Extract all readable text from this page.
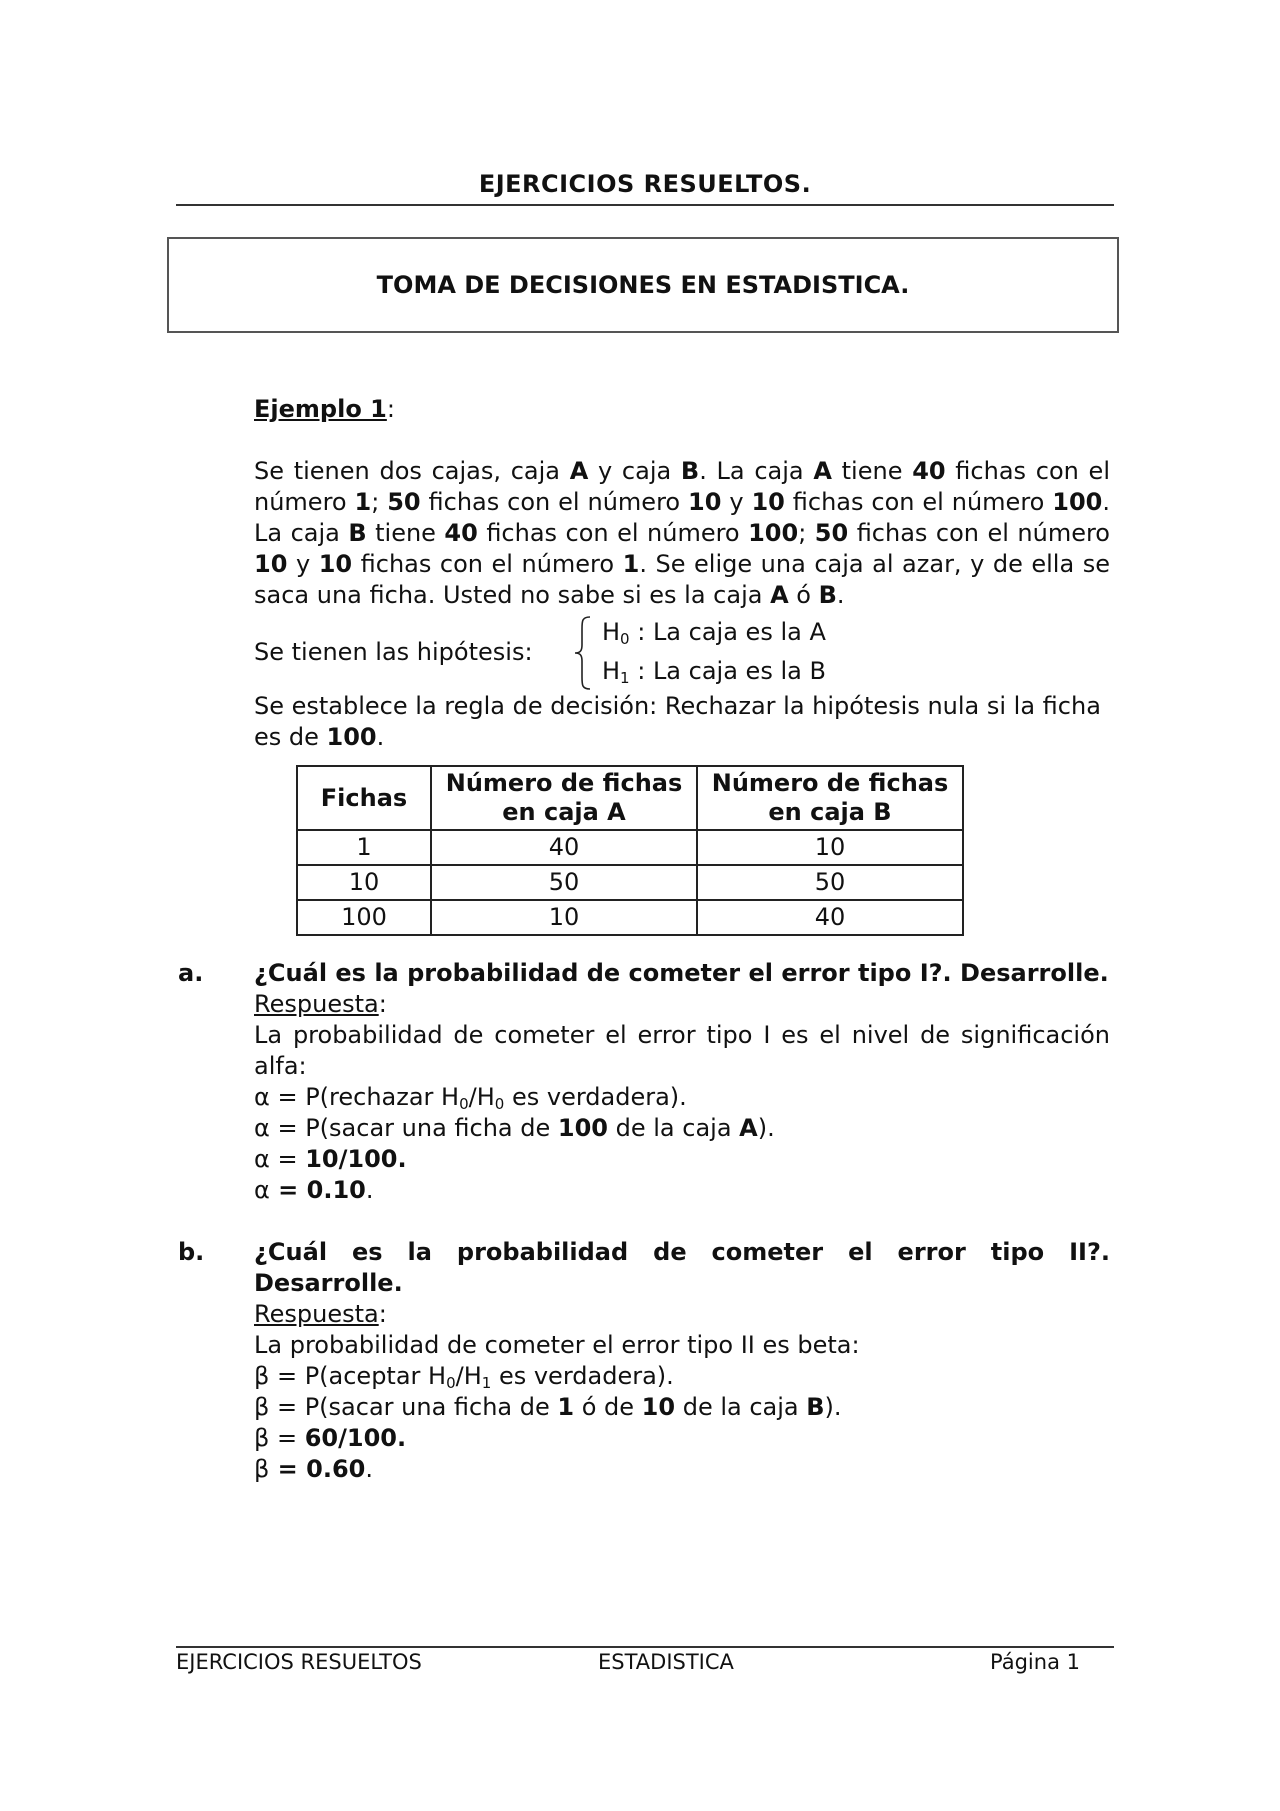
EJERCICIOS RESUELTOS.
TOMA DE DECISIONES EN ESTADISTICA.
Ejemplo 1:
Se tienen dos cajas, caja A y caja B. La caja A tiene 40 fichas con el número 1; 50 fichas con el número 10 y 10 fichas con el número 100. La caja B tiene 40 fichas con el número 100; 50 fichas con el número 10 y 10 fichas con el número 1. Se elige una caja al azar, y de ella se saca una ficha. Usted no sabe si es la caja A ó B.
Se tienen las hipótesis:
$H_0$ : La caja es la A
$H_1$ : La caja es la B
Se establece la regla de decisión: Rechazar la hipótesis nula si la ficha es de 100.
Fichas	Número de fichas en caja A	Número de fichas en caja B
1	40	10
10	50	50
100	10	40
a. ¿Cuál es la probabilidad de cometer el error tipo I?. Desarrolle.
Respuesta:
La probabilidad de cometer el error tipo I es el nivel de significación alfa:
α = P(rechazar $H_0/H_0$ es verdadera).
α = P(sacar una ficha de 100 de la caja A).
α = 10/100.
α = 0.10.
b. ¿Cuál es la probabilidad de cometer el error tipo II?. Desarrolle.
Respuesta:
La probabilidad de cometer el error tipo II es beta:
β = P(aceptar $H_0/H_1$ es verdadera).
β = P(sacar una ficha de 1 ó de 10 de la caja B).
β = 60/100.
β = 0.60.
EJERCICIOS RESUELTOS	ESTADISTICA	Página 1
